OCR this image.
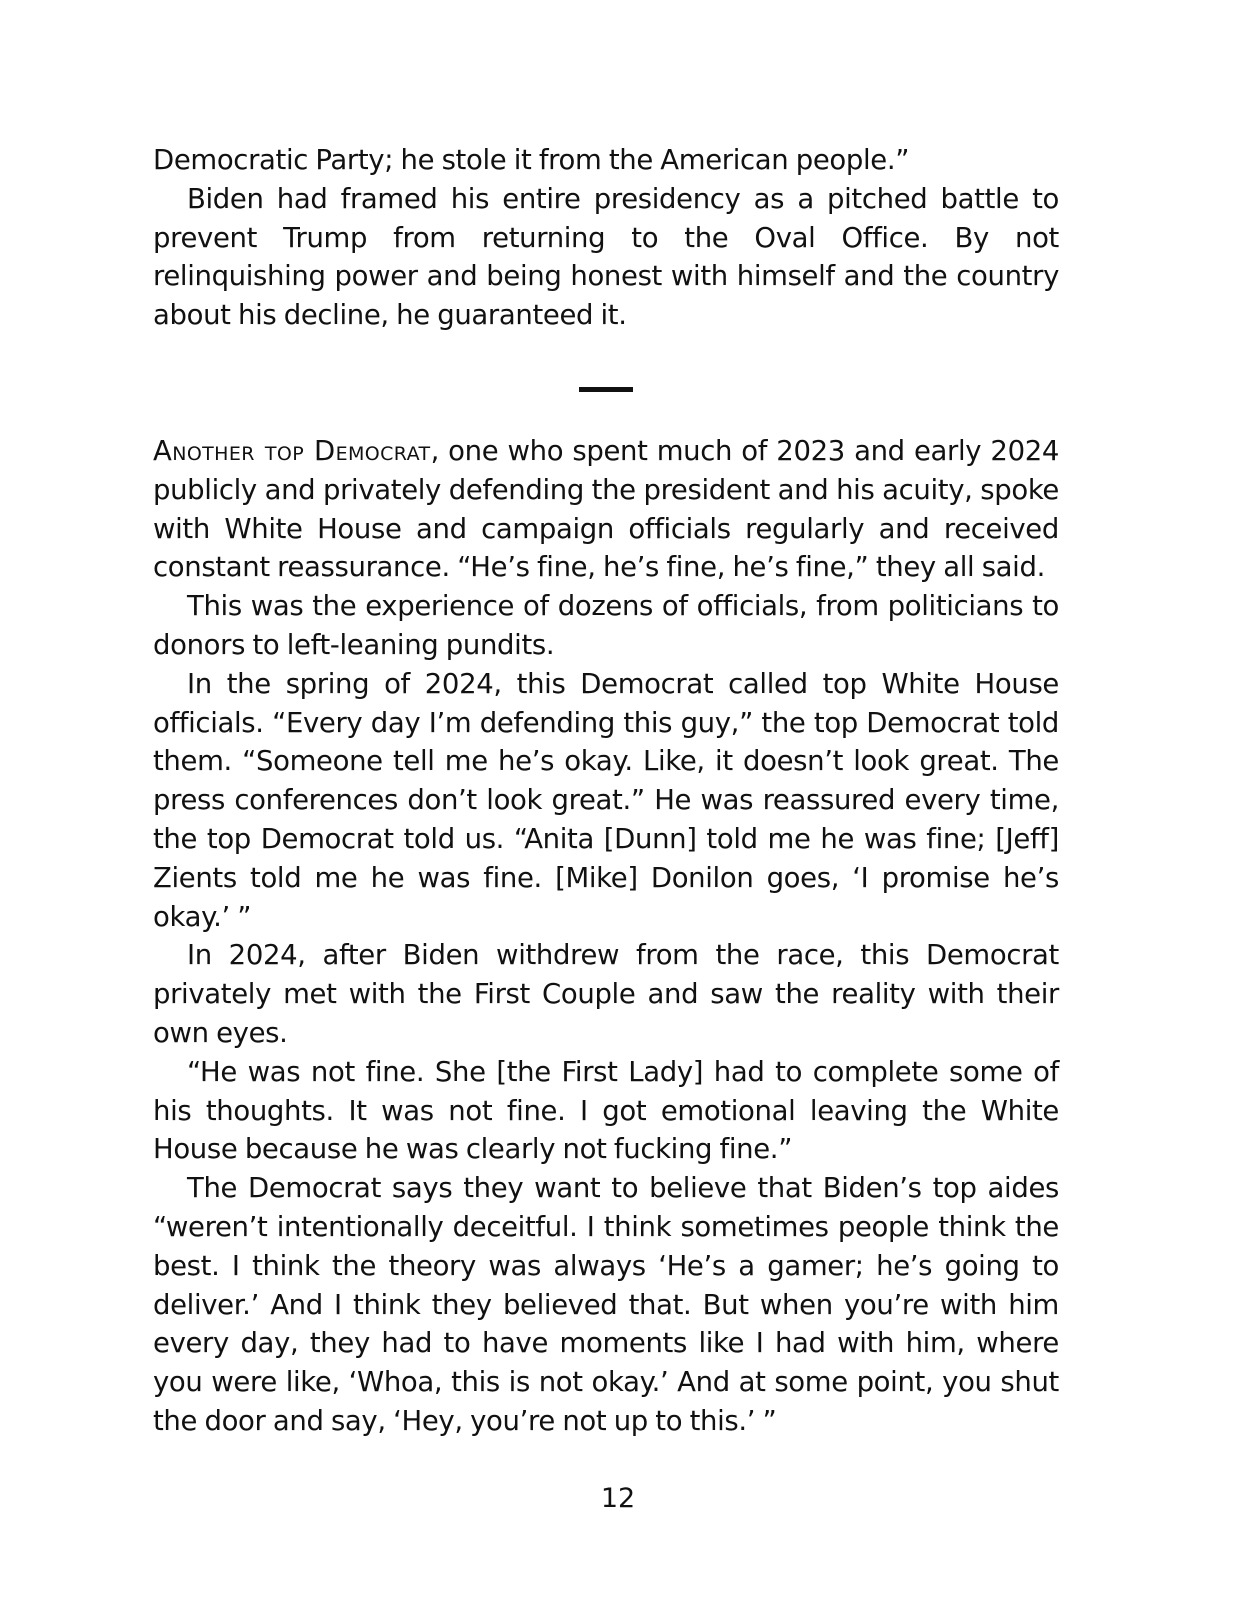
Democratic Party; he stole it from the American people.”

Biden had framed his entire presidency as a pitched battle to prevent Trump from returning to the Oval Office. By not relinquishing power and being honest with himself and the country about his decline, he guaranteed it.

Another top Democrat, one who spent much of 2023 and early 2024 publicly and privately defending the president and his acuity, spoke with White House and campaign officials regularly and received constant reassurance. “He’s fine, he’s fine, he’s fine,” they all said.

This was the experience of dozens of officials, from politicians to donors to left-leaning pundits.

In the spring of 2024, this Democrat called top White House officials. “Every day I’m defending this guy,” the top Democrat told them. “Someone tell me he’s okay. Like, it doesn’t look great. The press conferences don’t look great.” He was reassured every time, the top Democrat told us. “Anita [Dunn] told me he was fine; [Jeff] Zients told me he was fine. [Mike] Donilon goes, ‘I promise he’s okay.’ ”

In 2024, after Biden withdrew from the race, this Democrat privately met with the First Couple and saw the reality with their own eyes.

“He was not fine. She [the First Lady] had to complete some of his thoughts. It was not fine. I got emotional leaving the White House because he was clearly not fucking fine.”

The Democrat says they want to believe that Biden’s top aides “weren’t intentionally deceitful. I think sometimes people think the best. I think the theory was always ‘He’s a gamer; he’s going to deliver.’ And I think they believed that. But when you’re with him every day, they had to have moments like I had with him, where you were like, ‘Whoa, this is not okay.’ And at some point, you shut the door and say, ‘Hey, you’re not up to this.’ ”

12
